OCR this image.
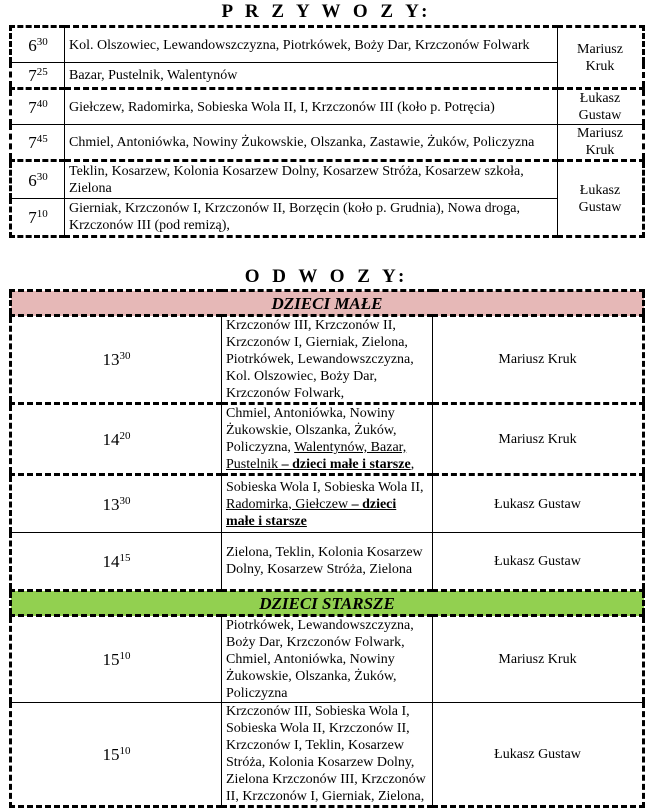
P R Z Y W O Z Y:
$6^{30}$	Kol. Olszowiec, Lewandowszczyzna, Piotrkówek, Boży Dar, Krzczonów Folwark	Mariusz Kruk
$7^{25}$	Bazar, Pustelnik, Walentynów	
$7^{40}$	Giełczew, Radomirka, Sobieska Wola II, I, Krzczonów III (koło p. Potręcia)	Łukasz Gustaw
$7^{45}$	Chmiel, Antoniówka, Nowiny Żukowskie, Olszanka, Zastawie, Żuków, Policzyzna	Mariusz Kruk
$6^{30}$	Teklin, Kosarzew, Kolonia Kosarzew Dolny, Kosarzew Stróża, Kosarzew szkoła, Zielona	Łukasz Gustaw
$7^{10}$	Gierniak, Krzczonów I, Krzczonów II, Borzęcin (koło p. Grudnia), Nowa droga, Krzczonów III (pod remizą),	
O D W O Z Y:
DZIECI MAŁE		
$13^{30}$	Krzczonów III, Krzczonów II, Krzczonów I, Gierniak, Zielona, Piotrkówek, Lewandowszczyzna, Kol. Olszowiec, Boży Dar, Krzczonów Folwark,	Mariusz Kruk
$14^{20}$	Chmiel, Antoniówka, Nowiny Żukowskie, Olszanka, Żuków, Policzyzna, Walentynów, Bazar, Pustelnik – dzieci małe i starsze,	Mariusz Kruk
$13^{30}$	Sobieska Wola I, Sobieska Wola II, Radomirka, Giełczew – dzieci małe i starsze	Łukasz Gustaw
$14^{15}$	Zielona, Teklin, Kolonia Kosarzew Dolny, Kosarzew Stróża, Zielona	Łukasz Gustaw
DZIECI STARSZE		
$15^{10}$	Piotrkówek, Lewandowszczyzna, Boży Dar, Krzczonów Folwark, Chmiel, Antoniówka, Nowiny Żukowskie, Olszanka, Żuków, Policzyzna	Mariusz Kruk
$15^{10}$	Krzczonów III, Sobieska Wola I, Sobieska Wola II, Krzczonów II, Krzczonów I, Teklin, Kosarzew Stróża, Kolonia Kosarzew Dolny, Zielona Krzczonów III, Krzczonów II, Krzczonów I, Gierniak, Zielona,	Łukasz Gustaw
